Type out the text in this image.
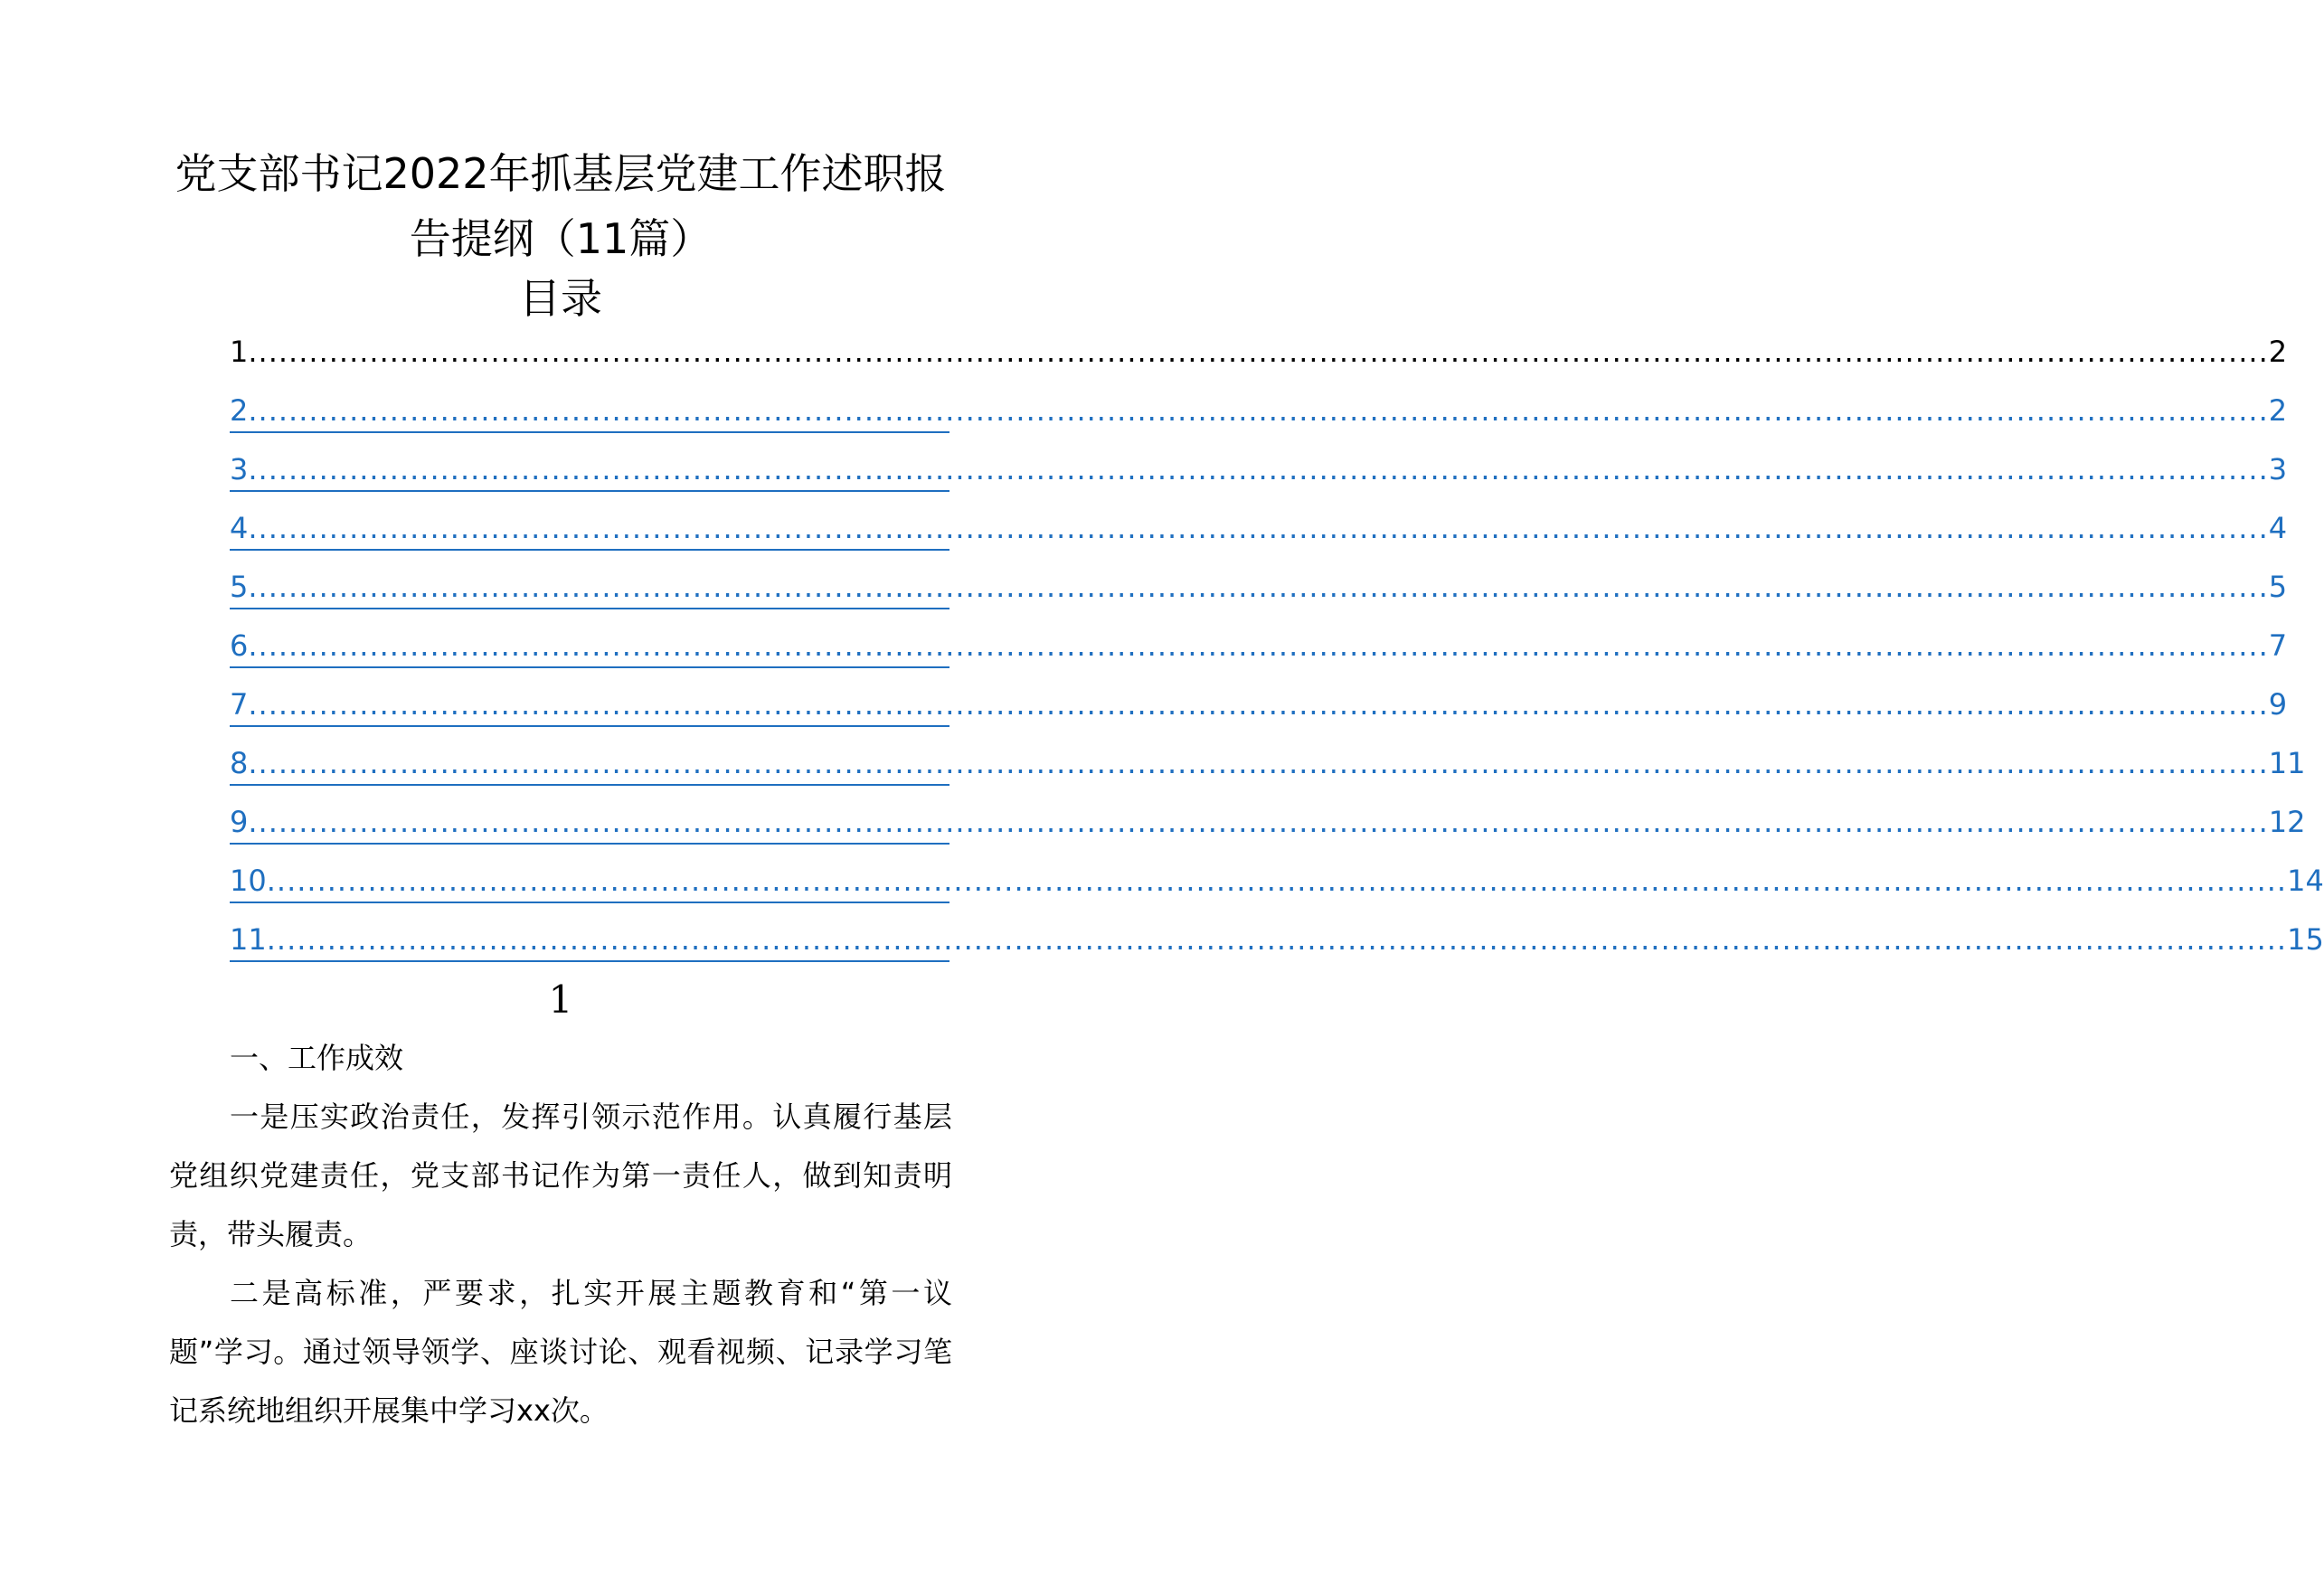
党支部书记2022年抓基层党建工作述职报
告提纲（11篇）
目录
1 ........................................................................................................................................................................................................ 2
2 ........................................................................................................................................................................................................ 2
3 ........................................................................................................................................................................................................ 3
4 ........................................................................................................................................................................................................ 4
5 ........................................................................................................................................................................................................ 5
6 ........................................................................................................................................................................................................ 7
7 ........................................................................................................................................................................................................ 9
8 ........................................................................................................................................................................................................ 11
9 ........................................................................................................................................................................................................ 12
10 ........................................................................................................................................................................................................ 14
11 ........................................................................................................................................................................................................ 15
1
一、工作成效

一是压实政治责任，发挥引领示范作用。认真履行基层党组织党建责任，党支部书记作为第一责任人，做到知责明责，带头履责。

二是高标准，严要求，扎实开展主题教育和“第一议题”学习。通过领导领学、座谈讨论、观看视频、记录学习笔记系统地组织开展集中学习xx次。
